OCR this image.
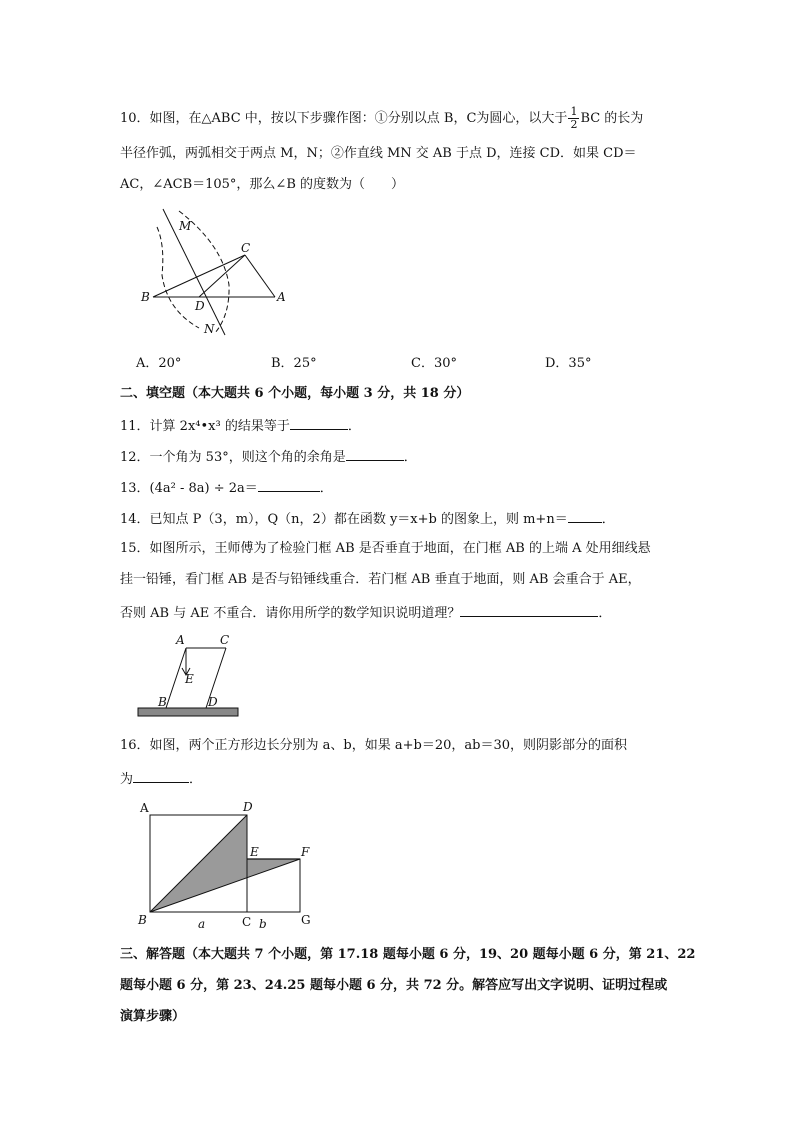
10．如图，在△ABC 中，按以下步骤作图：①分别以点 B，C为圆心，以大于 $\frac{1}{2}$ BC 的长为
半径作弧，两弧相交于两点 M，N；②作直线 MN 交 AB 于点 D，连接 CD．如果 CD＝
AC，∠ACB＝105°，那么∠B 的度数为（　　）
M
C
B
D
A
N
A．20°	B．25°	C．30°	D．35°
二、填空题（本大题共 6 个小题，每小题 3 分，共 18 分）
11．计算 2x⁴•x³ 的结果等于	．
12．一个角为 53°，则这个角的余角是	．
13．(4a² - 8a) ÷ 2a＝	．
14．已知点 P（3，m），Q（n，2）都在函数 y＝x+b 的图象上，则 m+n＝	．
15．如图所示，王师傅为了检验门框 AB 是否垂直于地面，在门框 AB 的上端 A 处用细线悬
挂一铅锤，看门框 AB 是否与铅锤线重合．若门框 AB 垂直于地面，则 AB 会重合于 AE，
否则 AB 与 AE 不重合．请你用所学的数学知识说明道理？	．
A	C
E
B	D
16．如图，两个正方形边长分别为 a、b，如果 a+b＝20，ab＝30，则阴影部分的面积
为	．
A	D
E	F
B	C	G
a	b
三、解答题（本大题共 7 个小题，第 17.18 题每小题 6 分，19、20 题每小题 6 分，第 21、22
题每小题 6 分，第 23、24.25 题每小题 6 分，共 72 分。解答应写出文字说明、证明过程或
演算步骤）
